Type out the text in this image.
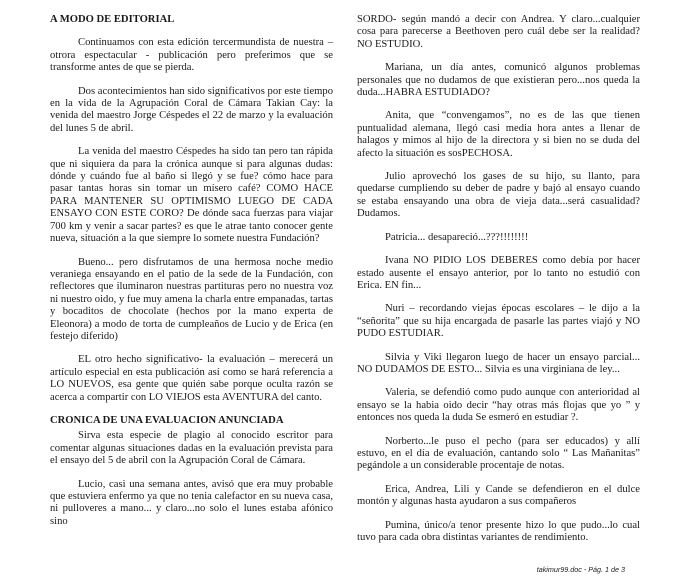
A MODO DE EDITORIAL

Continuamos con esta edición tercermundista de nuestra – otrora espectacular - publicación pero preferimos que se transforme antes de que se pierda.

Dos acontecimientos han sido significativos por este tiempo en la vida de la Agrupación Coral de Cámara Takian Cay: la venida del maestro Jorge Céspedes el 22 de marzo y la evaluación del lunes 5 de abril.

La venida del maestro Céspedes ha sido tan pero tan rápida que ni siquiera da para la crónica aunque si para algunas dudas: dónde y cuándo fue al baño si llegó y se fue? cómo hace para pasar tantas horas sin tomar un mísero café? COMO HACE PARA MANTENER SU OPTIMISMO LUEGO DE CADA ENSAYO CON ESTE CORO? De dónde saca fuerzas para viajar 700 km y venir a sacar partes? es que le atrae tanto conocer gente nueva, situación a la que siempre lo somete nuestra Fundación?

Bueno... pero disfrutamos de una hermosa noche medio veraniega ensayando en el patio de la sede de la Fundación, con reflectores que iluminaron nuestras partituras pero no nuestra voz ni nuestro oido, y fue muy amena la charla entre empanadas, tartas y bocaditos de chocolate (hechos por la mano experta de Eleonora) a modo de torta de cumpleaños de Lucio y de Erica (en festejo diferido)

EL otro hecho significativo- la evaluación – merecerá un artículo especial en esta publicación así como se hará referencia a LO NUEVOS, esa gente que quién sabe porque oculta razón se acerca a compartir con LO VIEJOS esta AVENTURA del canto.

CRONICA DE UNA EVALUACION ANUNCIADA

Sirva esta especie de plagio al conocido escritor para comentar algunas situaciones dadas en la evaluación prevista para el ensayo del 5 de abril con la Agrupación Coral de Cámara.

Lucio, casi una semana antes, avisó que era muy probable que estuviera enfermo ya que no tenia calefactor en su nueva casa, ni pulloveres a mano... y claro...no solo el lunes estaba afónico sino

SORDO- según mandó a decir con Andrea. Y claro...cualquier cosa para parecerse a Beethoven pero cuál debe ser la realidad? NO ESTUDIO.

Mariana, un día antes, comunicó algunos problemas personales que no dudamos de que existieran pero...nos queda la duda...HABRA ESTUDIADO?

Anita, que “convengamos”, no es de las que tienen puntualidad alemana, llegó casi media hora antes a llenar de halagos y mimos al hijo de la directora y si bien no se duda del afecto la situación es sosPECHOSA.

Julio aprovechó los gases de su hijo, su llanto, para quedarse cumpliendo su deber de padre y bajó al ensayo cuando se estaba ensayando una obra de vieja data...será casualidad? Dudamos.

Patricia... desapareció...???!!!!!!!!

Ivana NO PIDIO LOS DEBERES como debía por hacer estado ausente el ensayo anterior, por lo tanto no estudió con Erica. EN fin...

Nuri – recordando viejas épocas escolares – le dijo a la “señorita” que su hija encargada de pasarle las partes viajó y NO PUDO ESTUDIAR.

Silvia y Viki llegaron luego de hacer un ensayo parcial... NO DUDAMOS DE ESTO... Silvia es una virginiana de ley...

Valeria, se defendió como pudo aunque con anterioridad al ensayo se la habia oido decir “hay otras más flojas que yo ” y entonces nos queda la duda Se esmeró en estudiar ?.

Norberto...le puso el pecho (para ser educados) y allí estuvo, en el día de evaluación, cantando solo “ Las Mañanitas” pegándole a un considerable procentaje de notas.

Erica, Andrea, Lili y Cande se defendieron en el dulce montón y algunas hasta ayudaron a sus compañeros

Pumina, único/a tenor presente hizo lo que pudo...lo cual tuvo para cada obra distintas variantes de rendimiento.

takimur99.doc - Pág. 1 de 3
